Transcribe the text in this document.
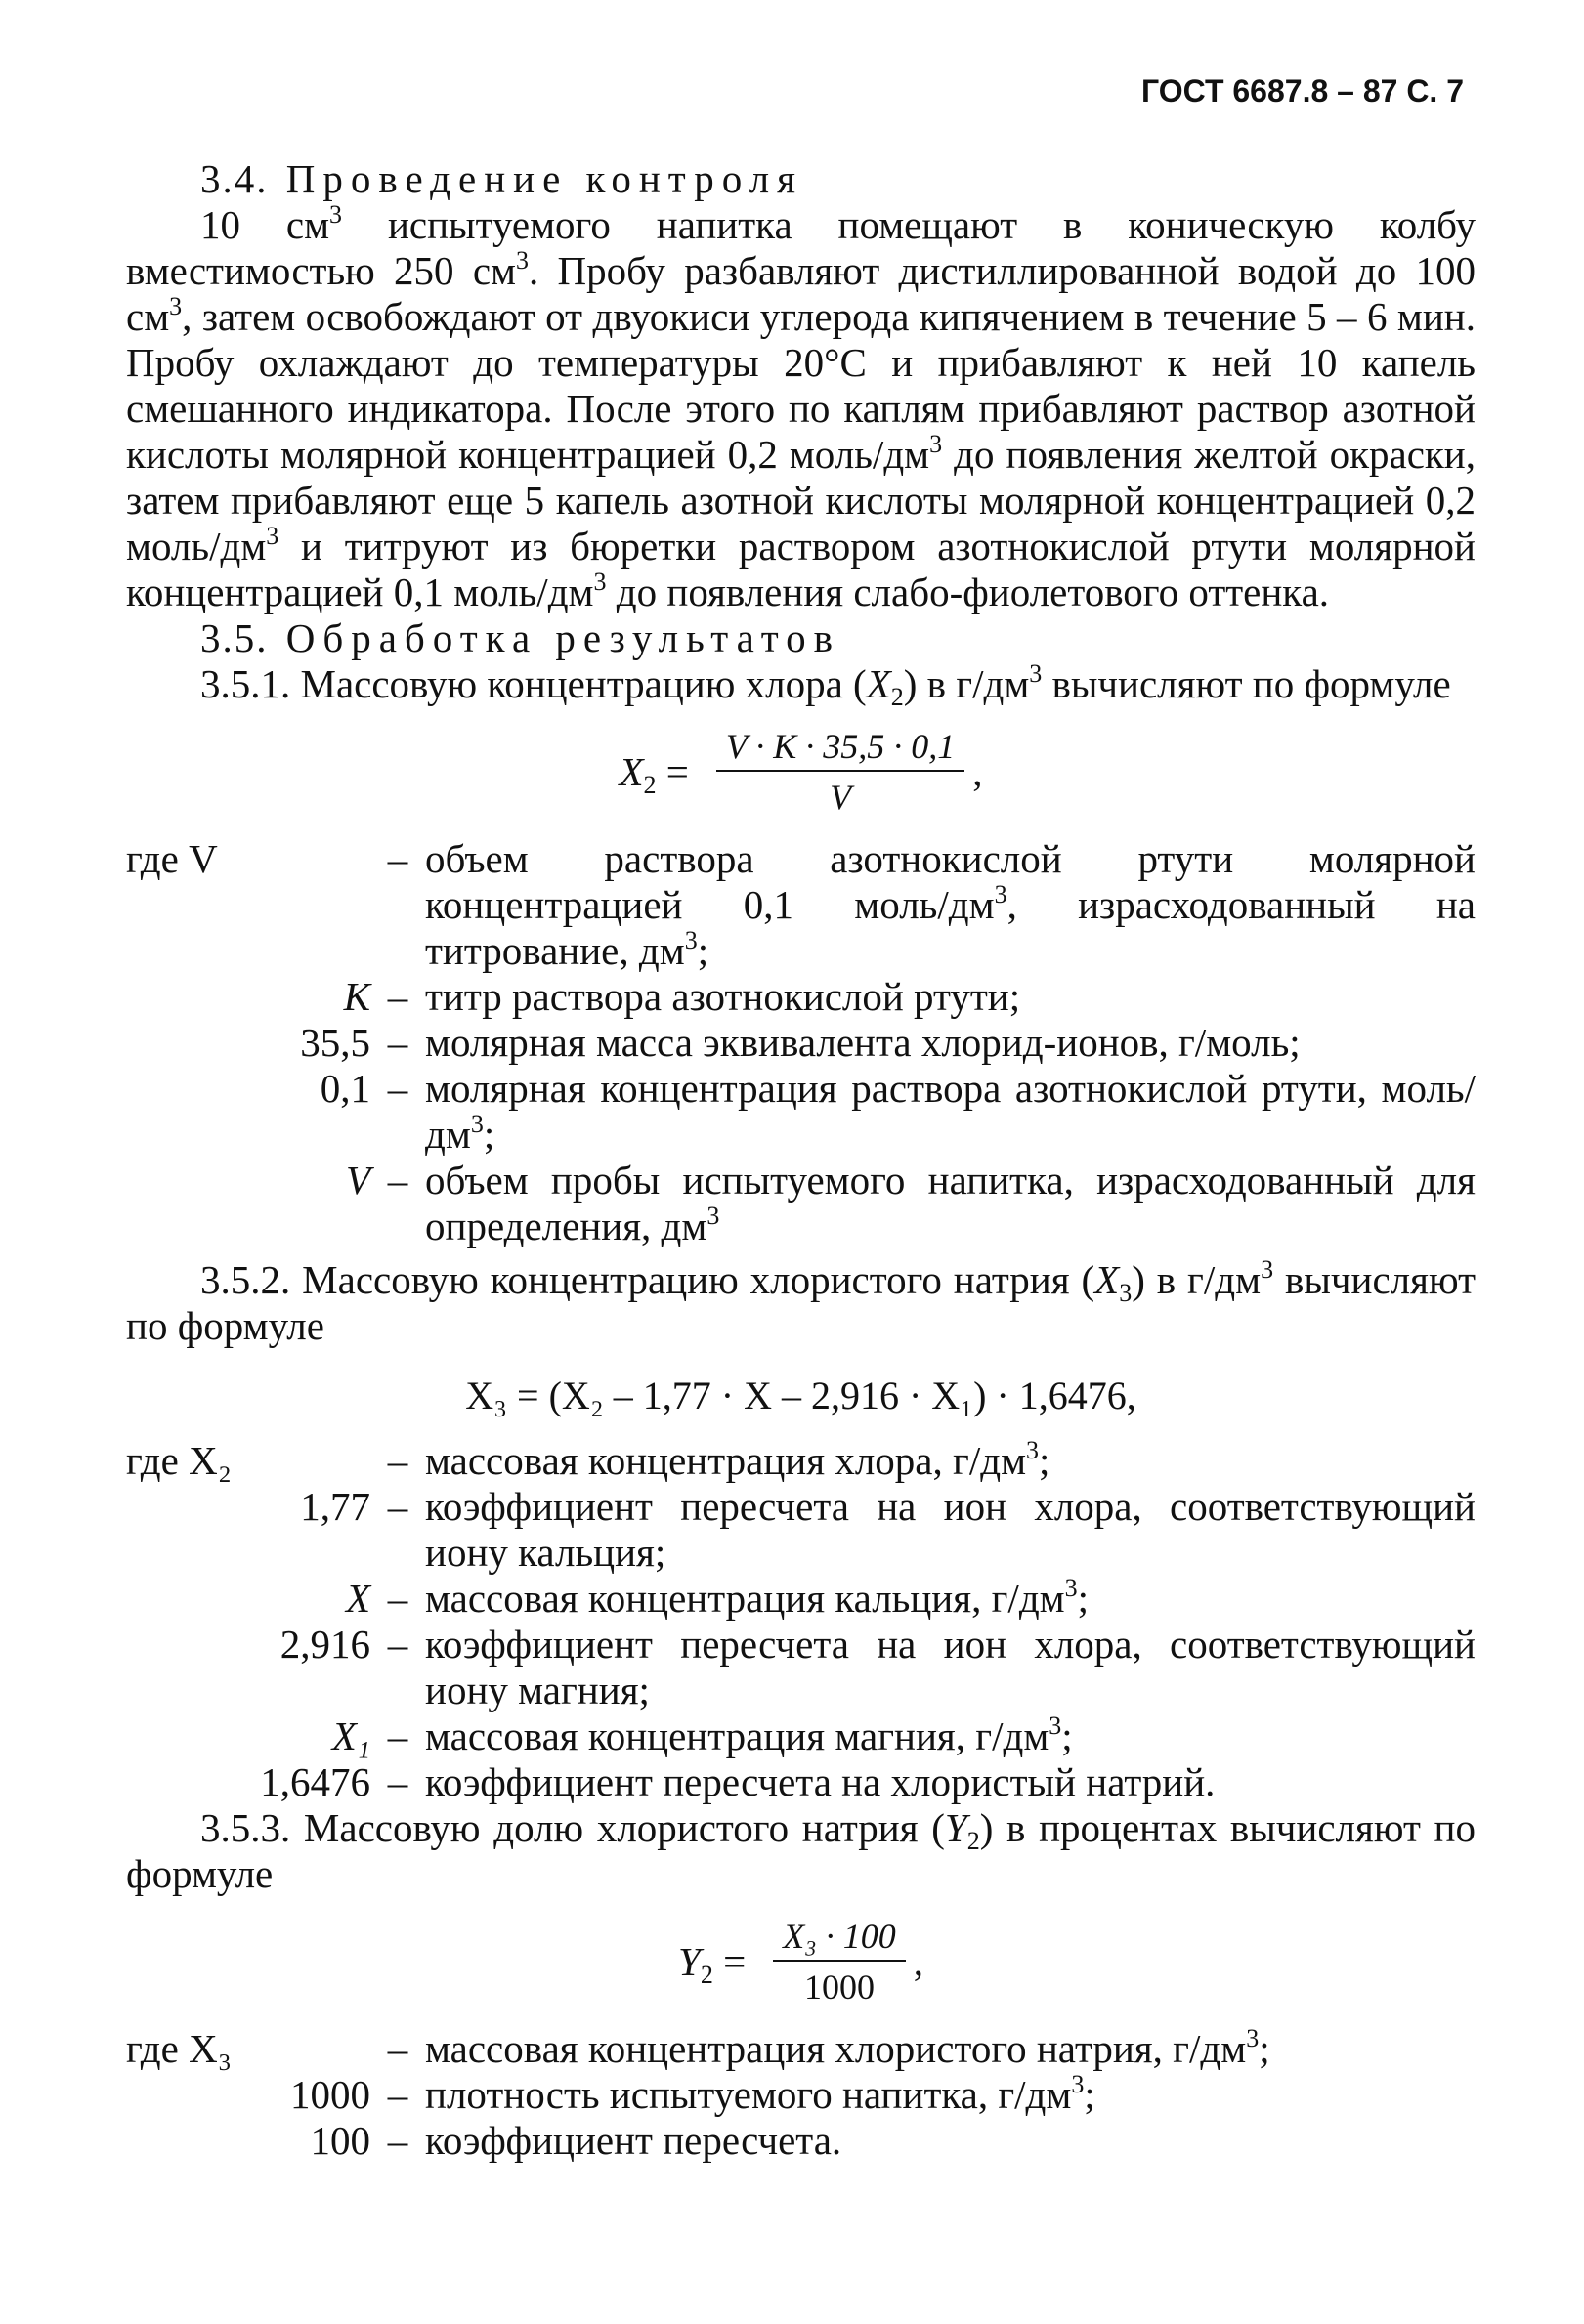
ГОСТ 6687.8 – 87 С. 7

3.4. Проведение контроля

10 $см^3$ испытуемого напитка помещают в коническую колбу вместимостью 250 $см^3$. Пробу разбавляют дистиллированной водой до 100 $см^3$, затем освобождают от двуокиси углерода кипячением в течение 5 – 6 мин. Пробу охлаждают до температуры 20°С и прибавляют к ней 10 капель смешанного индикатора. После этого по каплям прибавляют раствор азотной кислоты молярной концентрацией 0,2 моль/$дм^3$ до появления желтой окраски, затем прибавляют еще 5 капель азотной кислоты молярной концентрацией 0,2 моль/$дм^3$ и титруют из бюретки раствором азотнокислой ртути молярной концентрацией 0,1 моль/$дм^3$ до появления слабо-фиолетового оттенка.

3.5. Обработка результатов

3.5.1. Массовую концентрацию хлора $(X_2)$ в $г/дм^3$ вычисляют по формуле

$X_2 = \frac{V \cdot K \cdot 35,5 \cdot 0,1}{V}$ ,
где V	– объем раствора азотнокислой ртути молярной концентрацией 0,1 моль/$дм^3$, израсходованный на титрование, $дм^3$;
K – титр раствора азотнокислой ртути;
35,5 – молярная масса эквивалента хлорид-ионов, г/моль;
0,1 – молярная концентрация раствора азотнокислой ртути, моль/$дм^3$;
V – объем пробы испытуемого напитка, израсходованный для определения, $дм^3$

3.5.2. Массовую концентрацию хлористого натрия $(X_3)$ в $г/дм^3$ вычисляют по формуле

X₃ = (X₂ – 1,77 · X – 2,916 · X₁) · 1,6476,
где X₂	– массовая концентрация хлора, $г/дм^3$;
1,77 – коэффициент пересчета на ион хлора, соответствующий иону кальция;
X – массовая концентрация кальция, $г/дм^3$;
2,916 – коэффициент пересчета на ион хлора, соответствующий иону магния;
X₁ – массовая концентрация магния, $г/дм^3$;
1,6476 – коэффициент пересчета на хлористый натрий.

3.5.3. Массовую долю хлористого натрия $(Y_2)$ в процентах вычисляют по формуле

$Y_2 = \frac{\text{X₃ · 100}}{1000}$ ,
где X₃	– массовая концентрация хлористого натрия, $г/дм^3$;
1000 – плотность испытуемого напитка, $г/дм^3$;
100 – коэффициент пересчета.
